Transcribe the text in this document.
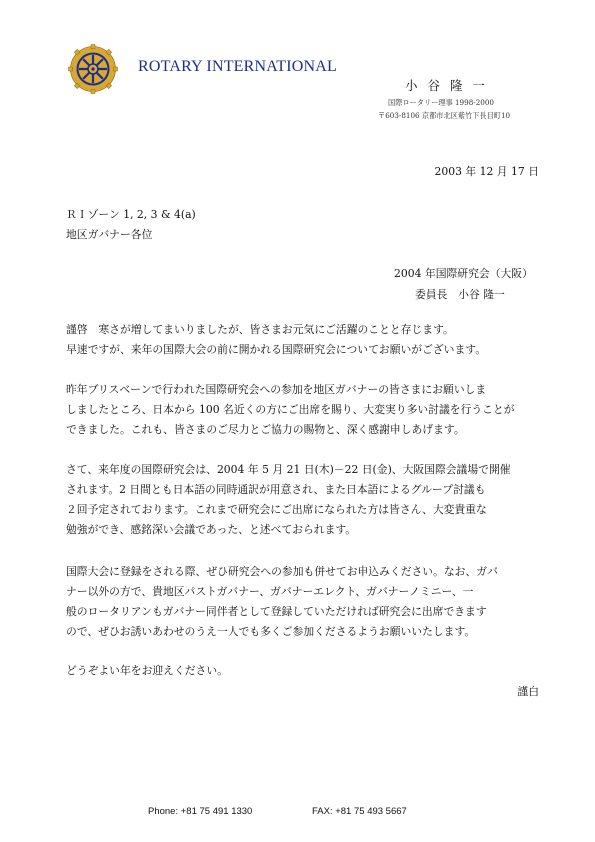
ROTARY INTERNATIONAL
小 谷 隆 一
国際ロータリー理事 1998-2000
〒603-8106 京都市北区紫竹下長目町10
2003 年 12 月 17 日
ＲＩゾーン 1, 2, 3 & 4(a)
地区ガバナー各位
2004 年国際研究会（大阪）
委員長　小谷 隆一
謹啓　寒さが増してまいりましたが、皆さまお元気にご活躍のことと存じます。
早速ですが、来年の国際大会の前に開かれる国際研究会についてお願いがございます。
昨年ブリスベーンで行われた国際研究会への参加を地区ガバナーの皆さまにお願いしま
しましたところ、日本から 100 名近くの方にご出席を賜り、大変実り多い討議を行うことが
できました。これも、皆さまのご尽力とご協力の賜物と、深く感謝申しあげます。
さて、来年度の国際研究会は、2004 年 5 月 21 日(木)－22 日(金)、大阪国際会議場で開催
されます。2 日間とも日本語の同時通訳が用意され、また日本語によるグループ討議も
２回予定されております。これまで研究会にご出席になられた方は皆さん、大変貴重な
勉強ができ、感銘深い会議であった、と述べておられます。
国際大会に登録をされる際、ぜひ研究会への参加も併せてお申込みください。なお、ガバ
ナー以外の方で、貴地区パストガバナー、ガバナーエレクト、ガバナーノミニー、一
般のロータリアンもガバナー同伴者として登録していただければ研究会に出席できます
ので、ぜひお誘いあわせのうえ一人でも多くご参加くださるようお願いいたします。
どうぞよい年をお迎えください。
謹白
Phone: +81 75 491 1330	FAX: +81 75 493 5667
